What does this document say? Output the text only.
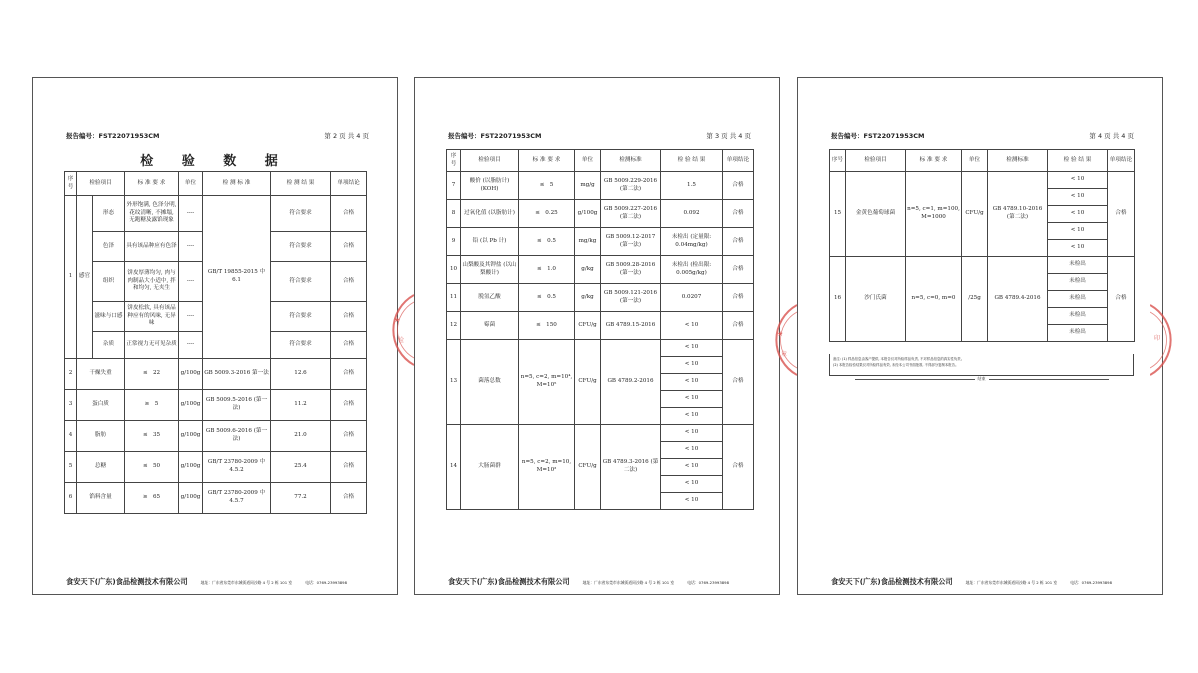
报告编号：FST22071953CM	第 2 页 共 4 页
检 验 数 据
序号	检验项目		标 准 要 求	单位	检 测 标 准	检 测 结 果	单项结论
1	感官	形态	外形饱满, 色泽分明, 花纹清晰, 不摊塌, 无跑糖及露馅现象	----	GB/T 19855-2015 中 6.1	符合要求	合格
		色泽	具有该品种应有色泽	----		符合要求	合格
		组织	饼皮厚薄均匀, 肉与肉制品大小适中, 拌和均匀, 无夹生	----		符合要求	合格
		滋味与口感	饼皮松软, 具有该品种应有的风味, 无异味	----		符合要求	合格
		杂质	正常视力无可见杂质	----		符合要求	合格
2	干燥失重		≤ 22	g/100g	GB 5009.3-2016 第一法	12.6	合格
3	蛋白质		≥ 5	g/100g	GB 5009.5-2016 (第一法)	11.2	合格
4	脂肪		≤ 35	g/100g	GB 5009.6-2016 (第一法)	21.0	合格
5	总糖		≤ 50	g/100g	GB/T 23780-2009 中 4.5.2	25.4	合格
6	馅料含量		≥ 65	g/100g	GB/T 23780-2009 中 4.5.7	77.2	合格
食安天下(广东)食品检测技术有限公司	地址：广东省东莞市东城街道同沙路 4 号 2 栋 101 室	电话：0769-23993898
报告编号：FST22071953CM	第 3 页 共 4 页
序号	检验项目	标 准 要 求	单位	检测标准	检 验 结 果	单项结论
7	酸价 (以脂肪计)(KOH)	≤ 5	mg/g	GB 5009.229-2016 (第二法)	1.5	合格
8	过氧化值 (以脂肪计)	≤ 0.25	g/100g	GB 5009.227-2016 (第二法)	0.092	合格
9	铅 (以 Pb 计)	≤ 0.5	mg/kg	GB 5009.12-2017 (第一法)	未检出 (定量限: 0.04mg/kg)	合格
10	山梨酸及其钾盐 (以山梨酸计)	≤ 1.0	g/kg	GB 5009.28-2016 (第一法)	未检出 (检出限: 0.005g/kg)	合格
11	脱氢乙酸	≤ 0.5	g/kg	GB 5009.121-2016 (第一法)	0.0207	合格
12	霉菌	≤ 150	CFU/g	GB 4789.15-2016	< 10	合格
13	菌落总数	n=5, c=2, m=10⁴, M=10⁵	CFU/g	GB 4789.2-2016	< 10	合格
					< 10	
					< 10	
					< 10	
					< 10	
14	大肠菌群	n=5, c=2, m=10, M=10²	CFU/g	GB 4789.3-2016 (第二法)	< 10	合格
					< 10	
					< 10	
					< 10	
					< 10	
食安天下(广东)食品检测技术有限公司	地址：广东省东莞市东城街道同沙路 4 号 2 栋 101 室	电话：0769-23993898
报告编号：FST22071953CM	第 4 页 共 4 页
序号	检验项目	标 准 要 求	单位	检测标准	检 验 结 果	单项结论
15	金黄色葡萄球菌	n=5, c=1, m=100, M=1000	CFU/g	GB 4789.10-2016 (第二法)	< 10	合格
					< 10	
					< 10	
					< 10	
					< 10	
16	沙门氏菌	n=5, c=0, m=0	/25g	GB 4789.4-2016	未检出	合格
					未检出	
					未检出	
					未检出	
					未检出	
备注: (1) 样品信息由客户提供, 本报告仅对所检样品负责, 不对样品信息的真实性负责。
(2) 本报告检验结果仅对所检样品有效, 未经本公司书面批准, 不得部分复制本报告。
结束
食安天下(广东)食品检测技术有限公司	地址：广东省东莞市东城街道同沙路 4 号 2 栋 101 室	电话：0769-23993898
★
检
★
章
印
